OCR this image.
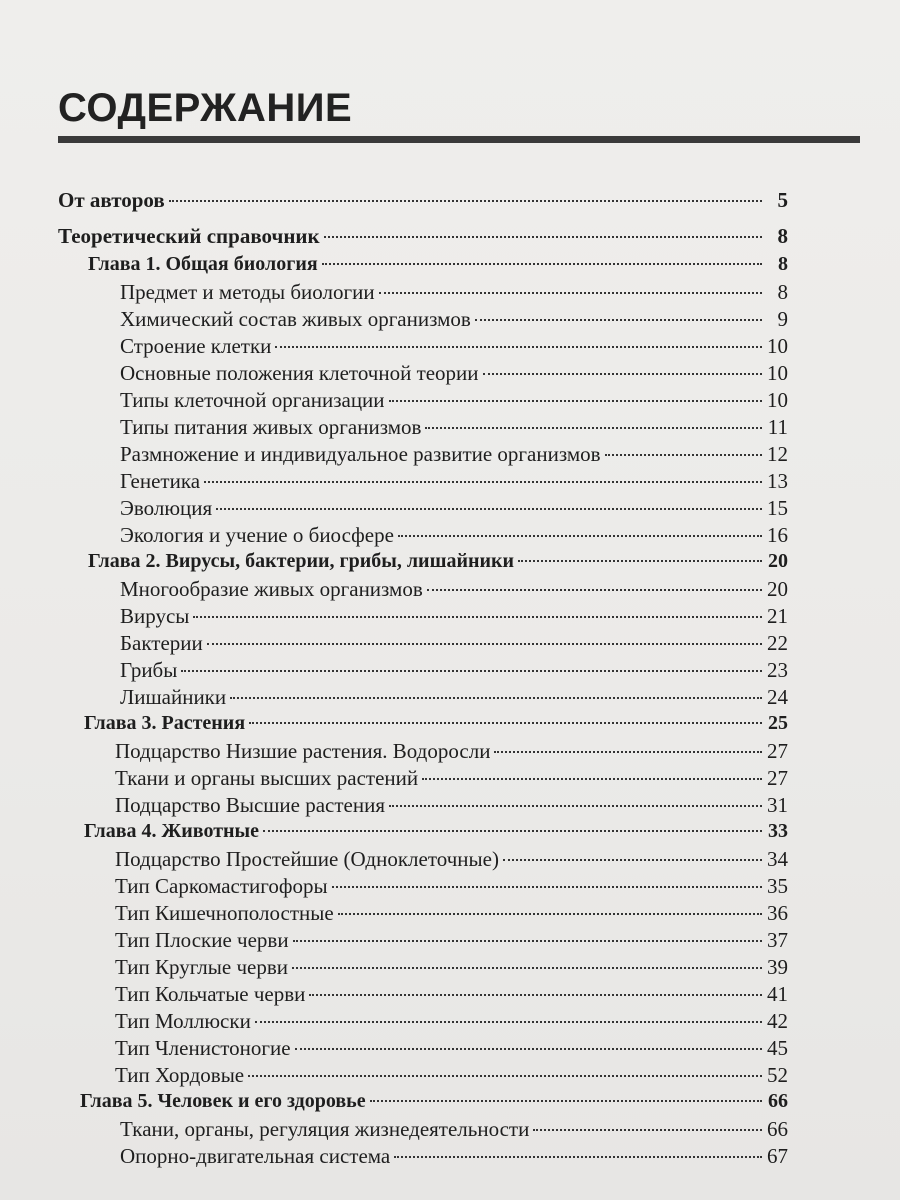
СОДЕРЖАНИЕ
От авторов	5
Теоретический справочник	8
Глава 1. Общая биология	8
Предмет и методы биологии	8
Химический состав живых организмов	9
Строение клетки	10
Основные положения клеточной теории	10
Типы клеточной организации	10
Типы питания живых организмов	11
Размножение и индивидуальное развитие организмов	12
Генетика	13
Эволюция	15
Экология и учение о биосфере	16
Глава 2. Вирусы, бактерии, грибы, лишайники	20
Многообразие живых организмов	20
Вирусы	21
Бактерии	22
Грибы	23
Лишайники	24
Глава 3. Растения	25
Подцарство Низшие растения. Водоросли	27
Ткани и органы высших растений	27
Подцарство Высшие растения	31
Глава 4. Животные	33
Подцарство Простейшие (Одноклеточные)	34
Тип Саркомастигофоры	35
Тип Кишечнополостные	36
Тип Плоские черви	37
Тип Круглые черви	39
Тип Кольчатые черви	41
Тип Моллюски	42
Тип Членистоногие	45
Тип Хордовые	52
Глава 5. Человек и его здоровье	66
Ткани, органы, регуляция жизнедеятельности	66
Опорно-двигательная система	67
